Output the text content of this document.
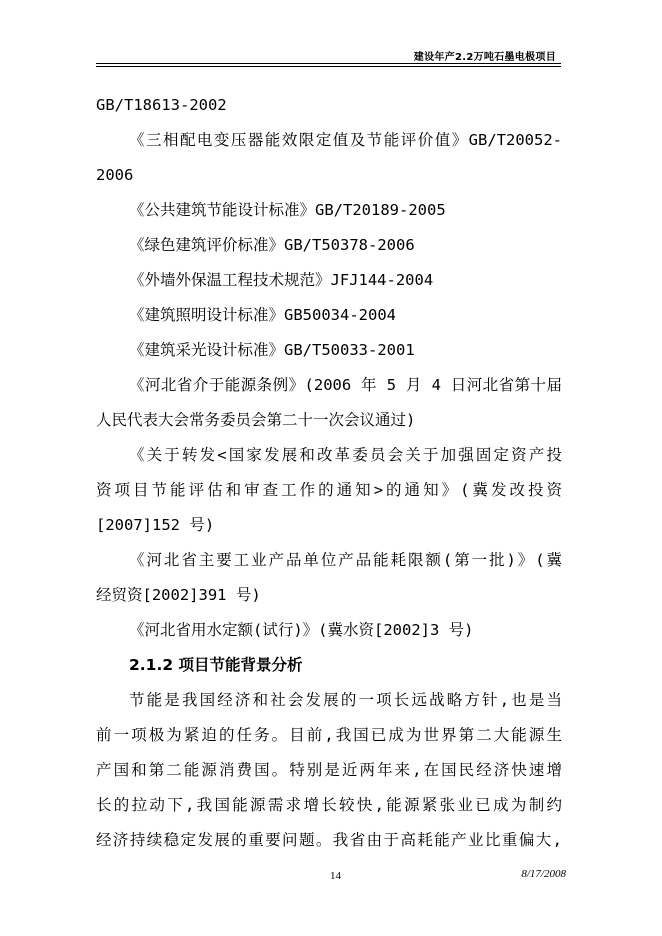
建设年产2.2万吨石墨电极项目
GB/T18613-2002
《三相配电变压器能效限定值及节能评价值》GB/T20052-
2006
《公共建筑节能设计标准》GB/T20189-2005
《绿色建筑评价标准》GB/T50378-2006
《外墙外保温工程技术规范》JFJ144-2004
《建筑照明设计标准》GB50034-2004
《建筑采光设计标准》GB/T50033-2001
《河北省介于能源条例》(2006 年 5 月 4 日河北省第十届
人民代表大会常务委员会第二十一次会议通过)
《关于转发<国家发展和改革委员会关于加强固定资产投
资项目节能评估和审查工作的通知>的通知》(冀发改投资
[2007]152 号)
《河北省主要工业产品单位产品能耗限额(第一批)》(冀
经贸资[2002]391 号)
《河北省用水定额(试行)》(冀水资[2002]3 号)
2.1.2 项目节能背景分析
节能是我国经济和社会发展的一项长远战略方针,也是当
前一项极为紧迫的任务。目前,我国已成为世界第二大能源生
产国和第二能源消费国。特别是近两年来,在国民经济快速增
长的拉动下,我国能源需求增长较快,能源紧张业已成为制约
经济持续稳定发展的重要问题。我省由于高耗能产业比重偏大,
14	8/17/2008
